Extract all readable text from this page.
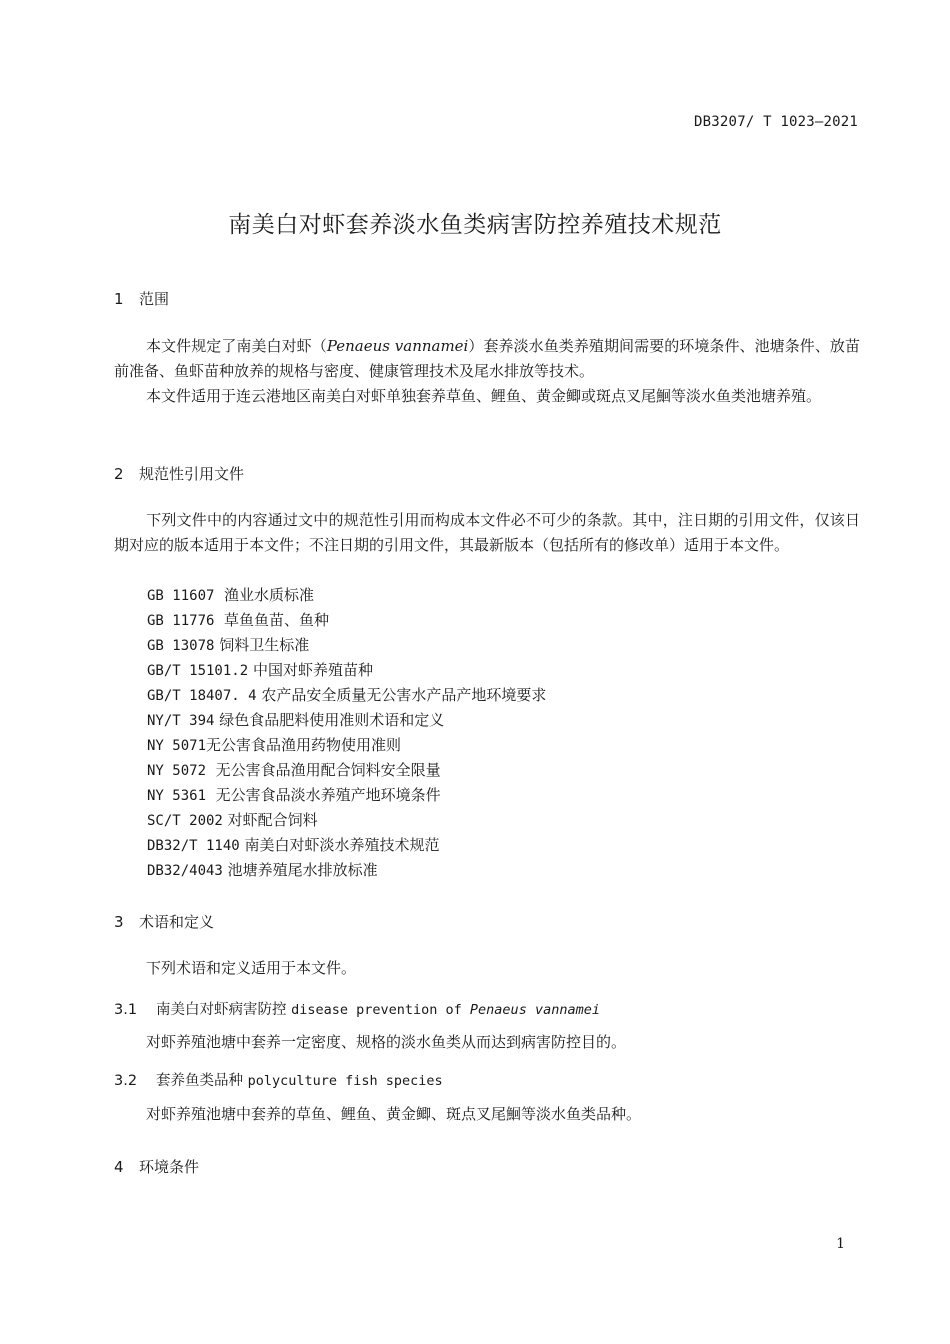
DB3207/ T 1023—2021
南美白对虾套养淡水鱼类病害防控养殖技术规范
1 范围

本文件规定了南美白对虾（Penaeus vannamei）套养淡水鱼类养殖期间需要的环境条件、池塘条件、放苗前准备、鱼虾苗种放养的规格与密度、健康管理技术及尾水排放等技术。

本文件适用于连云港地区南美白对虾单独套养草鱼、鲤鱼、黄金鲫或斑点叉尾鮰等淡水鱼类池塘养殖。

2 规范性引用文件

下列文件中的内容通过文中的规范性引用而构成本文件必不可少的条款。其中，注日期的引用文件，仅该日期对应的版本适用于本文件；不注日期的引用文件，其最新版本（包括所有的修改单）适用于本文件。

GB 11607 渔业水质标准
GB 11776 草鱼鱼苗、鱼种
GB 13078 饲料卫生标准
GB/T 15101.2 中国对虾养殖苗种
GB/T 18407. 4 农产品安全质量无公害水产品产地环境要求
NY/T 394 绿色食品肥料使用准则术语和定义
NY 5071无公害食品渔用药物使用准则
NY 5072 无公害食品渔用配合饲料安全限量
NY 5361 无公害食品淡水养殖产地环境条件
SC/T 2002 对虾配合饲料
DB32/T 1140 南美白对虾淡水养殖技术规范
DB32/4043 池塘养殖尾水排放标准
3 术语和定义

下列术语和定义适用于本文件。

3.1 南美白对虾病害防控 disease prevention of Penaeus vannamei

对虾养殖池塘中套养一定密度、规格的淡水鱼类从而达到病害防控目的。

3.2 套养鱼类品种 polyculture fish species

对虾养殖池塘中套养的草鱼、鲤鱼、黄金鲫、斑点叉尾鮰等淡水鱼类品种。

4 环境条件
1
